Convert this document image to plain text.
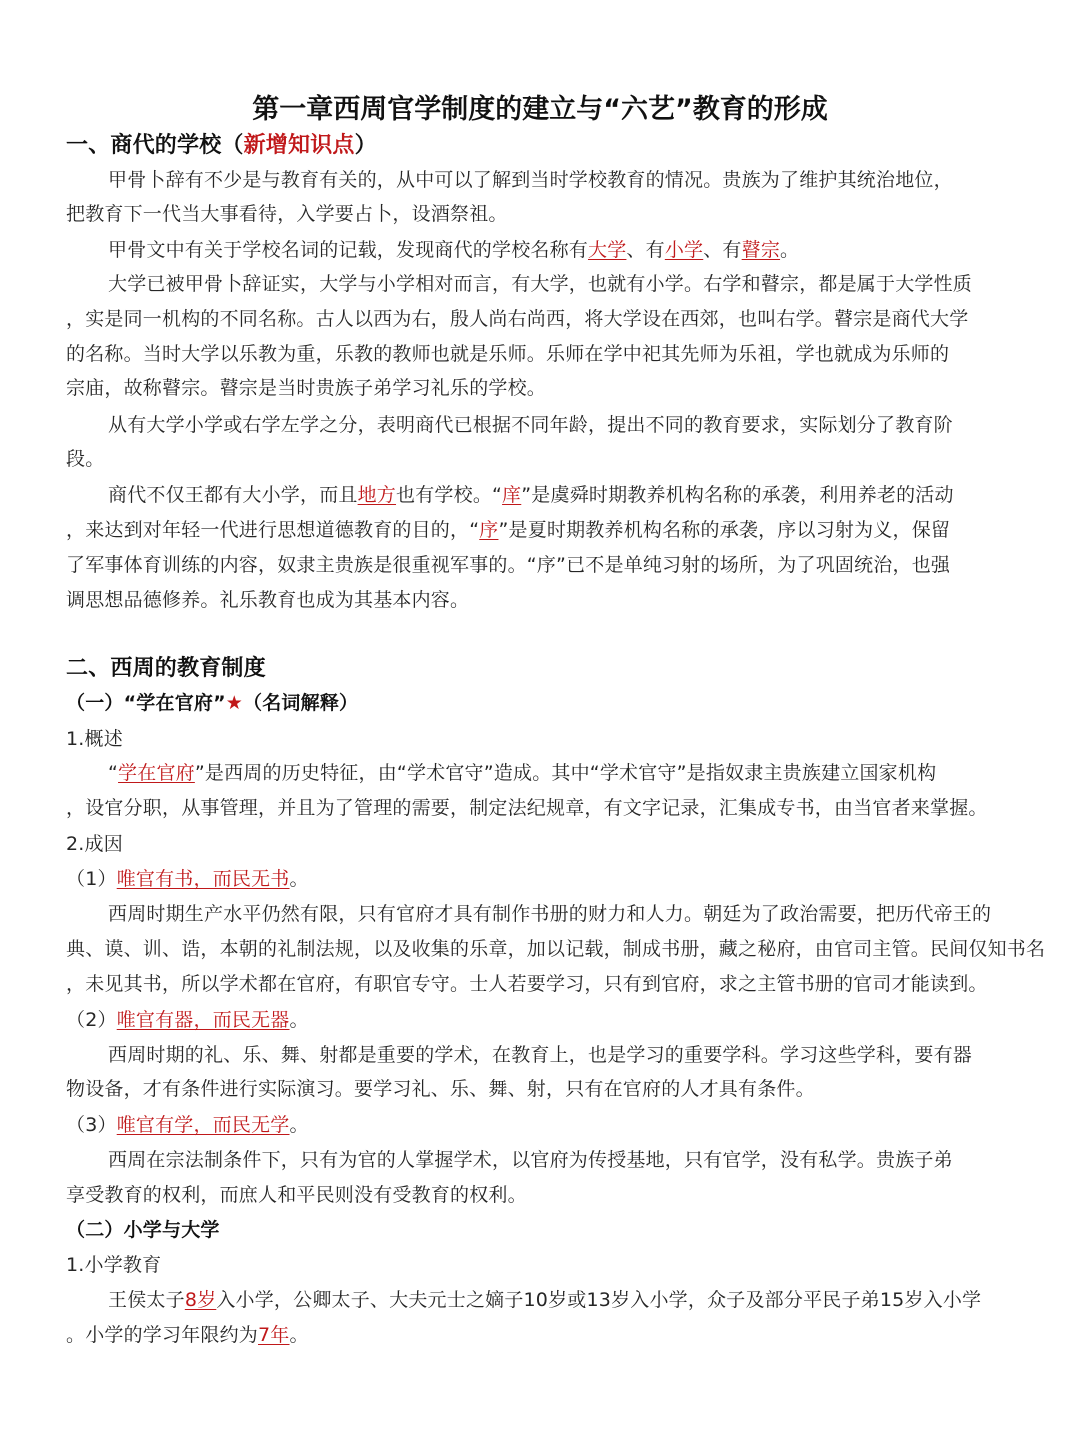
第一章西周官学制度的建立与“六艺”教育的形成
一、商代的学校（新增知识点）
甲骨卜辞有不少是与教育有关的，从中可以了解到当时学校教育的情况。贵族为了维护其统治地位，
把教育下一代当大事看待，入学要占卜，设酒祭祖。
甲骨文中有关于学校名词的记载，发现商代的学校名称有大学、有小学、有瞽宗。
大学已被甲骨卜辞证实，大学与小学相对而言，有大学，也就有小学。右学和瞽宗，都是属于大学性质
，实是同一机构的不同名称。古人以西为右，殷人尚右尚西，将大学设在西郊，也叫右学。瞽宗是商代大学
的名称。当时大学以乐教为重，乐教的教师也就是乐师。乐师在学中祀其先师为乐祖，学也就成为乐师的
宗庙，故称瞽宗。瞽宗是当时贵族子弟学习礼乐的学校。
从有大学小学或右学左学之分，表明商代已根据不同年龄，提出不同的教育要求，实际划分了教育阶
段。
商代不仅王都有大小学，而且地方也有学校。“庠”是虞舜时期教养机构名称的承袭，利用养老的活动
，来达到对年轻一代进行思想道德教育的目的，“序”是夏时期教养机构名称的承袭，序以习射为义，保留
了军事体育训练的内容，奴隶主贵族是很重视军事的。“序”已不是单纯习射的场所，为了巩固统治，也强
调思想品德修养。礼乐教育也成为其基本内容。
二、西周的教育制度
（一）“学在官府”★（名词解释）
1.概述
“学在官府”是西周的历史特征，由“学术官守”造成。其中“学术官守”是指奴隶主贵族建立国家机构
，设官分职，从事管理，并且为了管理的需要，制定法纪规章，有文字记录，汇集成专书，由当官者来掌握。
2.成因
（1）唯官有书，而民无书。
西周时期生产水平仍然有限，只有官府才具有制作书册的财力和人力。朝廷为了政治需要，把历代帝王的
典、谟、训、诰，本朝的礼制法规，以及收集的乐章，加以记载，制成书册，藏之秘府，由官司主管。民间仅知书名
，未见其书，所以学术都在官府，有职官专守。士人若要学习，只有到官府，求之主管书册的官司才能读到。
（2）唯官有器，而民无器。
西周时期的礼、乐、舞、射都是重要的学术，在教育上，也是学习的重要学科。学习这些学科，要有器
物设备，才有条件进行实际演习。要学习礼、乐、舞、射，只有在官府的人才具有条件。
（3）唯官有学，而民无学。
西周在宗法制条件下，只有为官的人掌握学术，以官府为传授基地，只有官学，没有私学。贵族子弟
享受教育的权利，而庶人和平民则没有受教育的权利。
（二）小学与大学
1.小学教育
王侯太子8岁入小学，公卿太子、大夫元士之嫡子10岁或13岁入小学，众子及部分平民子弟15岁入小学
。小学的学习年限约为7年。
